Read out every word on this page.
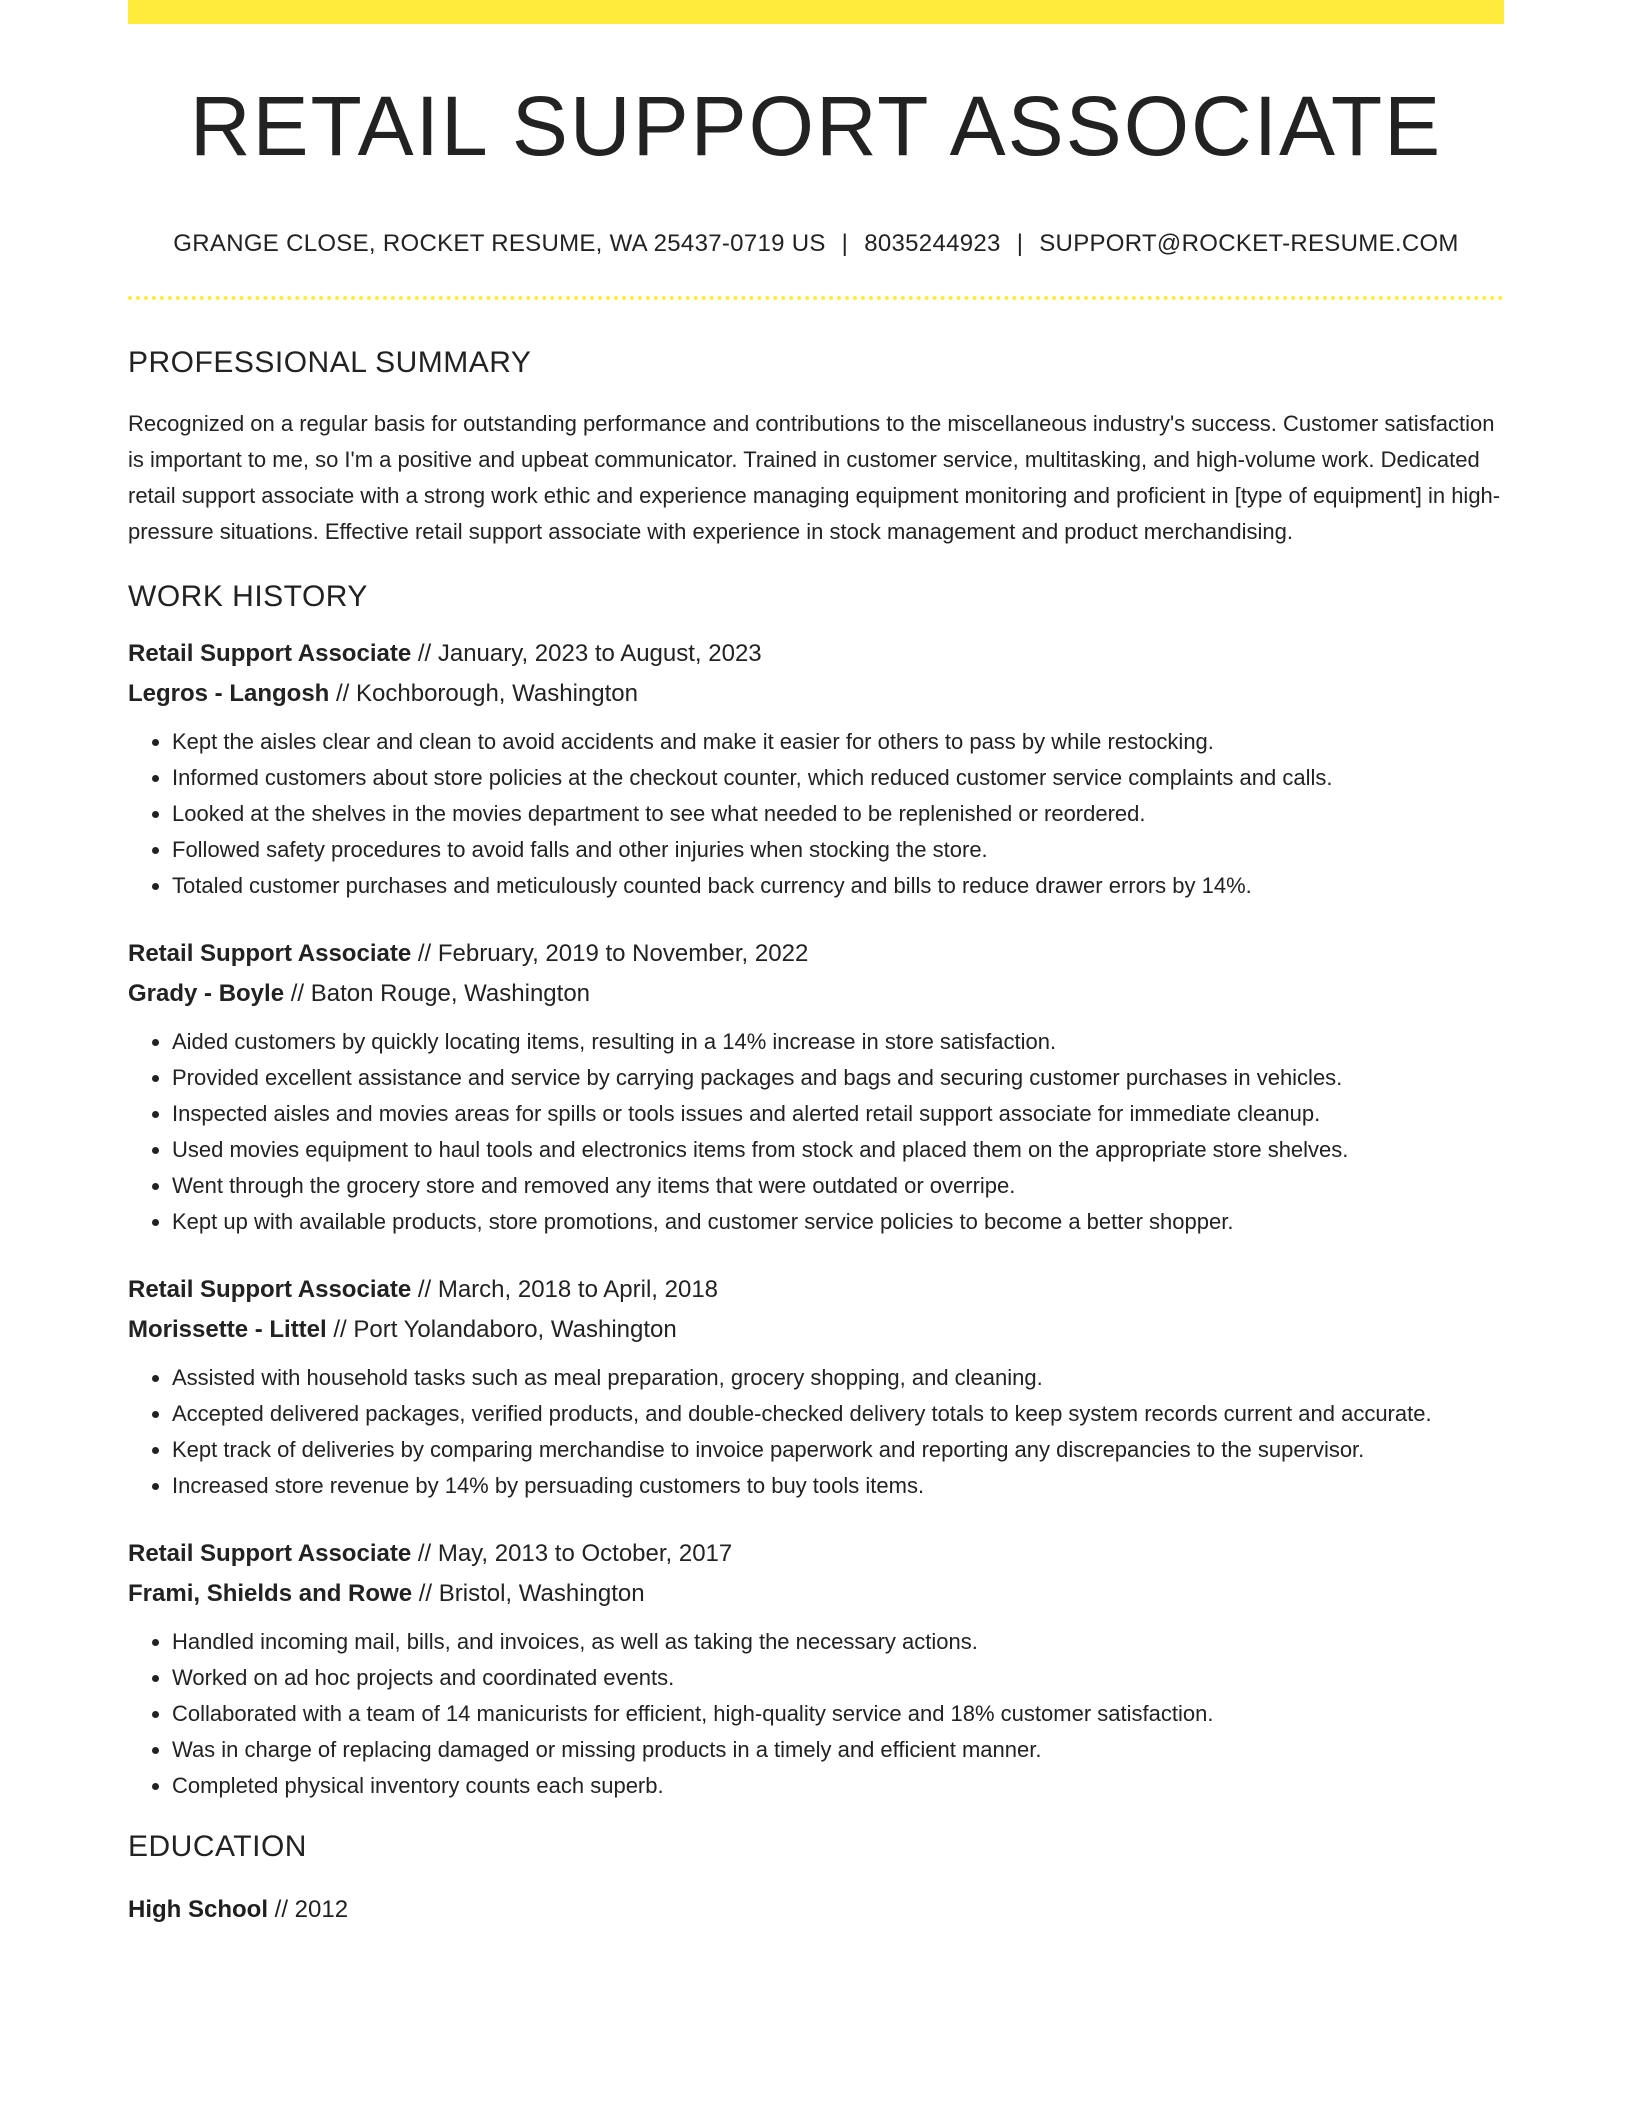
RETAIL SUPPORT ASSOCIATE
GRANGE CLOSE, ROCKET RESUME, WA 25437-0719 US | 8035244923 | SUPPORT@ROCKET-RESUME.COM
PROFESSIONAL SUMMARY

Recognized on a regular basis for outstanding performance and contributions to the miscellaneous industry's success. Customer satisfaction is important to me, so I'm a positive and upbeat communicator. Trained in customer service, multitasking, and high-volume work. Dedicated retail support associate with a strong work ethic and experience managing equipment monitoring and proficient in [type of equipment] in high-pressure situations. Effective retail support associate with experience in stock management and product merchandising.

WORK HISTORY
Retail Support Associate // January, 2023 to August, 2023
Legros - Langosh // Kochborough, Washington
• Kept the aisles clear and clean to avoid accidents and make it easier for others to pass by while restocking.
• Informed customers about store policies at the checkout counter, which reduced customer service complaints and calls.
• Looked at the shelves in the movies department to see what needed to be replenished or reordered.
• Followed safety procedures to avoid falls and other injuries when stocking the store.
• Totaled customer purchases and meticulously counted back currency and bills to reduce drawer errors by 14%.
Retail Support Associate // February, 2019 to November, 2022
Grady - Boyle // Baton Rouge, Washington
• Aided customers by quickly locating items, resulting in a 14% increase in store satisfaction.
• Provided excellent assistance and service by carrying packages and bags and securing customer purchases in vehicles.
• Inspected aisles and movies areas for spills or tools issues and alerted retail support associate for immediate cleanup.
• Used movies equipment to haul tools and electronics items from stock and placed them on the appropriate store shelves.
• Went through the grocery store and removed any items that were outdated or overripe.
• Kept up with available products, store promotions, and customer service policies to become a better shopper.
Retail Support Associate // March, 2018 to April, 2018
Morissette - Littel // Port Yolandaboro, Washington
• Assisted with household tasks such as meal preparation, grocery shopping, and cleaning.
• Accepted delivered packages, verified products, and double-checked delivery totals to keep system records current and accurate.
• Kept track of deliveries by comparing merchandise to invoice paperwork and reporting any discrepancies to the supervisor.
• Increased store revenue by 14% by persuading customers to buy tools items.
Retail Support Associate // May, 2013 to October, 2017
Frami, Shields and Rowe // Bristol, Washington
• Handled incoming mail, bills, and invoices, as well as taking the necessary actions.
• Worked on ad hoc projects and coordinated events.
• Collaborated with a team of 14 manicurists for efficient, high-quality service and 18% customer satisfaction.
• Was in charge of replacing damaged or missing products in a timely and efficient manner.
• Completed physical inventory counts each superb.
EDUCATION
High School // 2012
